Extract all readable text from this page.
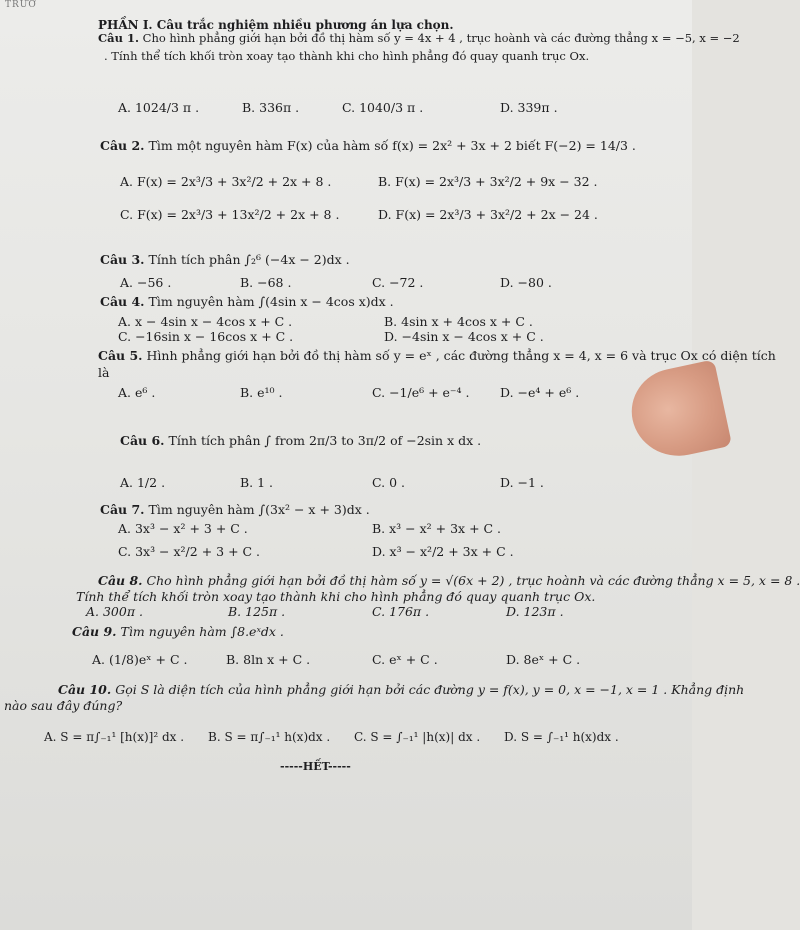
TRƯỜ
PHẦN I. Câu trắc nghiệm nhiều phương án lựa chọn.
Câu 1. Cho hình phẳng giới hạn bởi đồ thị hàm số y = 4x + 4 , trục hoành và các đường thẳng x = −5, x = −2
. Tính thể tích khối tròn xoay tạo thành khi cho hình phẳng đó quay quanh trục Ox.
A. 1024/3 π .	B. 336π .	C. 1040/3 π .	D. 339π .
Câu 2. Tìm một nguyên hàm F(x) của hàm số f(x) = 2x² + 3x + 2 biết F(−2) = 14/3 .
A. F(x) = 2x³/3 + 3x²/2 + 2x + 8 .	B. F(x) = 2x³/3 + 3x²/2 + 9x − 32 .
C. F(x) = 2x³/3 + 13x²/2 + 2x + 8 .	D. F(x) = 2x³/3 + 3x²/2 + 2x − 24 .
Câu 3. Tính tích phân ∫₂⁶ (−4x − 2)dx .
A. −56 .	B. −68 .	C. −72 .	D. −80 .
Câu 4. Tìm nguyên hàm ∫(4sin x − 4cos x)dx .
A. x − 4sin x − 4cos x + C .	B. 4sin x + 4cos x + C .
C. −16sin x − 16cos x + C .	D. −4sin x − 4cos x + C .
Câu 5. Hình phẳng giới hạn bởi đồ thị hàm số y = eˣ , các đường thẳng x = 4, x = 6 và trục Ox có diện tích
là
A. e⁶ .	B. e¹⁰ .	C. −1/e⁶ + e⁻⁴ . D. −e⁴ + e⁶ .
Câu 6. Tính tích phân ∫ from 2π/3 to 3π/2 of −2sin x dx .
A. 1/2 .	B. 1 .	C. 0 .	D. −1 .
Câu 7. Tìm nguyên hàm ∫(3x² − x + 3)dx .
A. 3x³ − x² + 3 + C .	B. x³ − x² + 3x + C .
C. 3x³ − x²/2 + 3 + C .	D. x³ − x²/2 + 3x + C .
Câu 8. Cho hình phẳng giới hạn bởi đồ thị hàm số y = √(6x + 2) , trục hoành và các đường thẳng x = 5, x = 8 .
Tính thể tích khối tròn xoay tạo thành khi cho hình phẳng đó quay quanh trục Ox.
A. 300π .	B. 125π .	C. 176π .	D. 123π .
Câu 9. Tìm nguyên hàm ∫8.eˣdx .
A. (1/8)eˣ + C .	B. 8ln x + C .	C. eˣ + C .	D. 8eˣ + C .
Câu 10. Gọi S là diện tích của hình phẳng giới hạn bởi các đường y = f(x), y = 0, x = −1, x = 1 . Khẳng định
nào sau đây đúng?
A. S = π∫₋₁¹ [h(x)]² dx . B. S = π∫₋₁¹ h(x)dx . C. S = ∫₋₁¹ |h(x)| dx . D. S = ∫₋₁¹ h(x)dx .
-----HẾT-----
